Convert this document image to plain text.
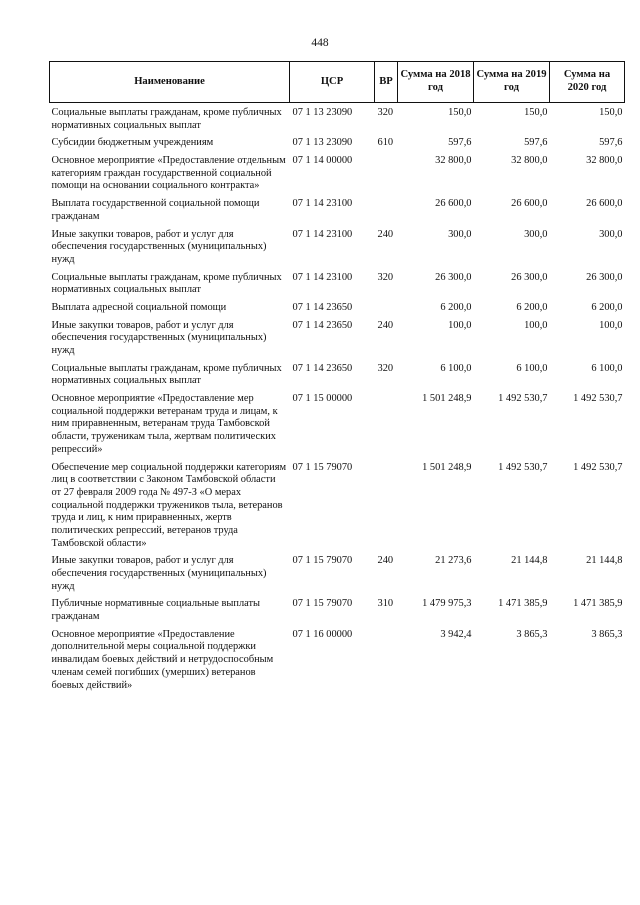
448
Наименование	ЦСР	ВР	Сумма на 2018 год	Сумма на 2019 год	Сумма на 2020 год
Социальные выплаты гражданам, кроме публичных нормативных социальных выплат	07 1 13 23090	320	150,0	150,0	150,0
Субсидии бюджетным учреждениям	07 1 13 23090	610	597,6	597,6	597,6
Основное мероприятие «Предоставление отдельным категориям граждан государственной социальной помощи на основании социального контракта»	07 1 14 00000		32 800,0	32 800,0	32 800,0
Выплата государственной социальной помощи гражданам	07 1 14 23100		26 600,0	26 600,0	26 600,0
Иные закупки товаров, работ и услуг для обеспечения государственных (муниципальных) нужд	07 1 14 23100	240	300,0	300,0	300,0
Социальные выплаты гражданам, кроме публичных нормативных социальных выплат	07 1 14 23100	320	26 300,0	26 300,0	26 300,0
Выплата адресной социальной помощи	07 1 14 23650		6 200,0	6 200,0	6 200,0
Иные закупки товаров, работ и услуг для обеспечения государственных (муниципальных) нужд	07 1 14 23650	240	100,0	100,0	100,0
Социальные выплаты гражданам, кроме публичных нормативных социальных выплат	07 1 14 23650	320	6 100,0	6 100,0	6 100,0
Основное мероприятие «Предоставление мер социальной поддержки ветеранам труда и лицам, к ним приравненным, ветеранам труда Тамбовской области, труженикам тыла, жертвам политических репрессий»	07 1 15 00000		1 501 248,9	1 492 530,7	1 492 530,7
Обеспечение мер социальной поддержки категориям лиц в соответствии с Законом Тамбовской области от 27 февраля 2009 года № 497-З «О мерах социальной поддержки тружеников тыла, ветеранов труда и лиц, к ним приравненных, жертв политических репрессий, ветеранов труда Тамбовской области»	07 1 15 79070		1 501 248,9	1 492 530,7	1 492 530,7
Иные закупки товаров, работ и услуг для обеспечения государственных (муниципальных) нужд	07 1 15 79070	240	21 273,6	21 144,8	21 144,8
Публичные нормативные социальные выплаты гражданам	07 1 15 79070	310	1 479 975,3	1 471 385,9	1 471 385,9
Основное мероприятие «Предоставление дополнительной меры социальной поддержки инвалидам боевых действий и нетрудоспособным членам семей погибших (умерших) ветеранов боевых действий»	07 1 16 00000		3 942,4	3 865,3	3 865,3
